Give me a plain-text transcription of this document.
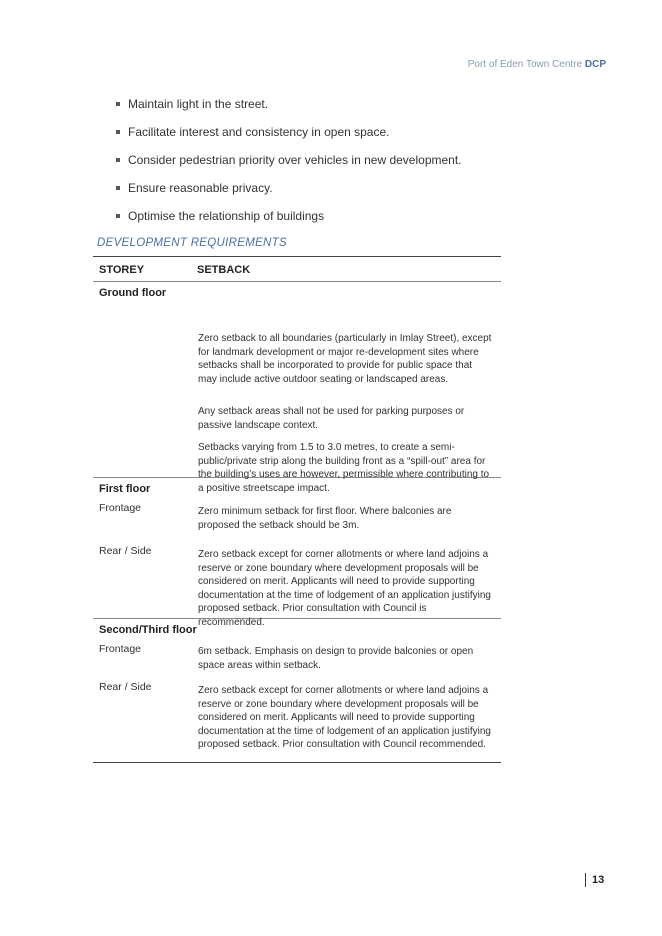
Port of Eden Town Centre DCP
Maintain light in the street.
Facilitate interest and consistency in open space.
Consider pedestrian priority over vehicles in new development.
Ensure reasonable privacy.
Optimise the relationship of buildings
DEVELOPMENT REQUIREMENTS
STOREY	SETBACK
Ground floor
Zero setback to all boundaries (particularly in Imlay Street), except for landmark development or major re-development sites where setbacks shall be incorporated to provide for public space that may include active outdoor seating or landscaped areas.
Any setback areas shall not be used for parking purposes or passive landscape context.
Setbacks varying from 1.5 to 3.0 metres, to create a semi-public/private strip along the building front as a “spill-out” area for the building’s uses are however, permissible where contributing to a positive streetscape impact.
First floor
Frontage	Zero minimum setback for first floor. Where balconies are proposed the setback should be 3m.
Rear / Side	Zero setback except for corner allotments or where land adjoins a reserve or zone boundary where development proposals will be considered on merit. Applicants will need to provide supporting documentation at the time of lodgement of an application justifying proposed setback. Prior consultation with Council is recommended.
Second/Third floor
Frontage	6m setback. Emphasis on design to provide balconies or open space areas within setback.
Rear / Side	Zero setback except for corner allotments or where land adjoins a reserve or zone boundary where development proposals will be considered on merit. Applicants will need to provide supporting documentation at the time of lodgement of an application justifying proposed setback. Prior consultation with Council recommended.
13
